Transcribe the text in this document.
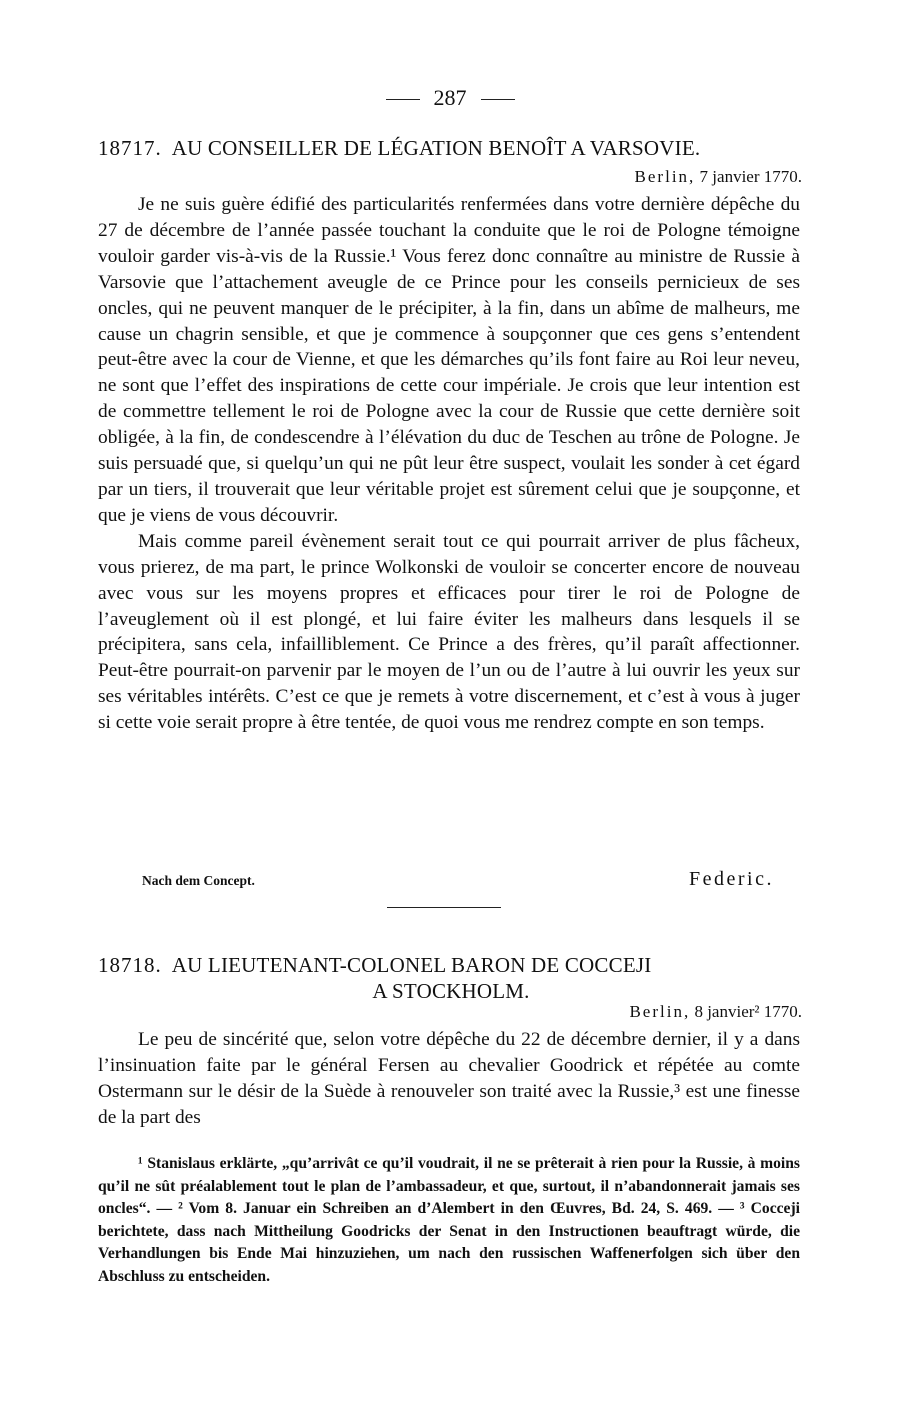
287
18717. AU CONSEILLER DE LÉGATION BENOÎT A VARSOVIE.
Berlin, 7 janvier 1770.

Je ne suis guère édifié des particularités renfermées dans votre dernière dépêche du 27 de décembre de l’année passée touchant la conduite que le roi de Pologne témoigne vouloir garder vis-à-vis de la Russie.¹ Vous ferez donc connaître au ministre de Russie à Varsovie que l’attachement aveugle de ce Prince pour les conseils pernicieux de ses oncles, qui ne peuvent manquer de le précipiter, à la fin, dans un abîme de malheurs, me cause un chagrin sensible, et que je commence à soupçonner que ces gens s’entendent peut-être avec la cour de Vienne, et que les démarches qu’ils font faire au Roi leur neveu, ne sont que l’effet des inspirations de cette cour impériale. Je crois que leur intention est de commettre tellement le roi de Pologne avec la cour de Russie que cette dernière soit obligée, à la fin, de condescendre à l’élévation du duc de Teschen au trône de Pologne. Je suis persuadé que, si quelqu’un qui ne pût leur être suspect, voulait les sonder à cet égard par un tiers, il trouverait que leur véritable projet est sûrement celui que je soupçonne, et que je viens de vous découvrir.

Mais comme pareil évènement serait tout ce qui pourrait arriver de plus fâcheux, vous prierez, de ma part, le prince Wolkonski de vouloir se concerter encore de nouveau avec vous sur les moyens propres et efficaces pour tirer le roi de Pologne de l’aveuglement où il est plongé, et lui faire éviter les malheurs dans lesquels il se précipitera, sans cela, infailliblement. Ce Prince a des frères, qu’il paraît affectionner. Peut-être pourrait-on parvenir par le moyen de l’un ou de l’autre à lui ouvrir les yeux sur ses véritables intérêts. C’est ce que je remets à votre discernement, et c’est à vous à juger si cette voie serait propre à être tentée, de quoi vous me rendrez compte en son temps.

Nach dem Concept.	Federic.
18718. AU LIEUTENANT-COLONEL BARON DE COCCEJI
A STOCKHOLM.
Berlin, 8 janvier² 1770.

Le peu de sincérité que, selon votre dépêche du 22 de décembre dernier, il y a dans l’insinuation faite par le général Fersen au chevalier Goodrick et répétée au comte Ostermann sur le désir de la Suède à renouveler son traité avec la Russie,³ est une finesse de la part des

¹ Stanislaus erklärte, „qu’arrivât ce qu’il voudrait, il ne se prêterait à rien pour la Russie, à moins qu’il ne sût préalablement tout le plan de l’ambassadeur, et que, surtout, il n’abandonnerait jamais ses oncles“. — ² Vom 8. Januar ein Schreiben an d’Alembert in den Œuvres, Bd. 24, S. 469. — ³ Cocceji berichtete, dass nach Mittheilung Goodricks der Senat in den Instructionen beauftragt würde, die Verhandlungen bis Ende Mai hinzuziehen, um nach den russischen Waffenerfolgen sich über den Abschluss zu entscheiden.
